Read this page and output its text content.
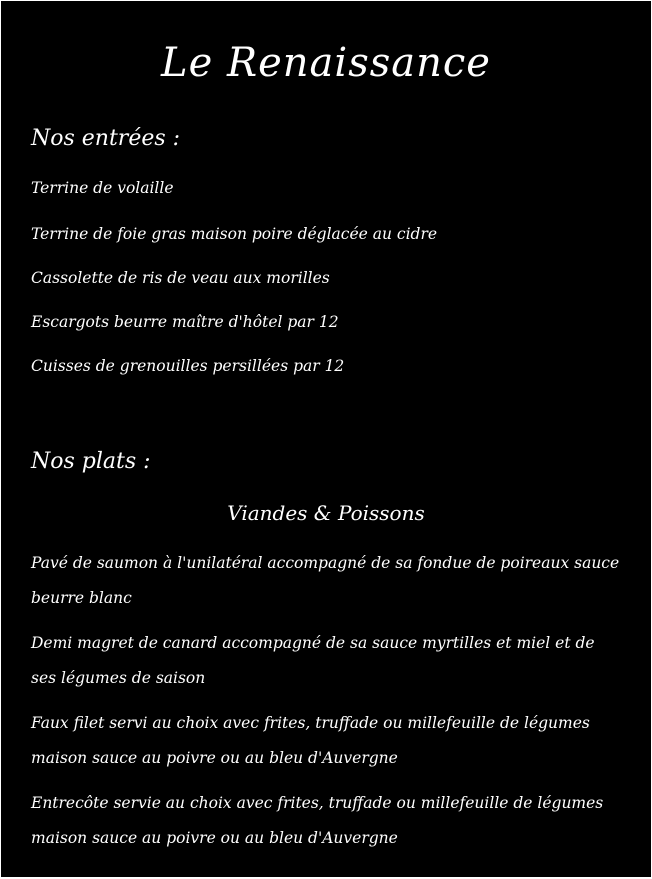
Le Renaissance
Nos entrées :
Terrine de volaille
Terrine de foie gras maison poire déglacée au cidre
Cassolette de ris de veau aux morilles
Escargots beurre maître d'hôtel par 12
Cuisses de grenouilles persillées par 12
Nos plats :
Viandes & Poissons
Pavé de saumon à l'unilatéral accompagné de sa fondue de poireaux sauce beurre blanc
Demi magret de canard accompagné de sa sauce myrtilles et miel et de ses légumes de saison
Faux filet servi au choix avec frites, truffade ou millefeuille de légumes maison sauce au poivre ou au bleu d'Auvergne
Entrecôte servie au choix avec frites, truffade ou millefeuille de légumes maison sauce au poivre ou au bleu d'Auvergne
